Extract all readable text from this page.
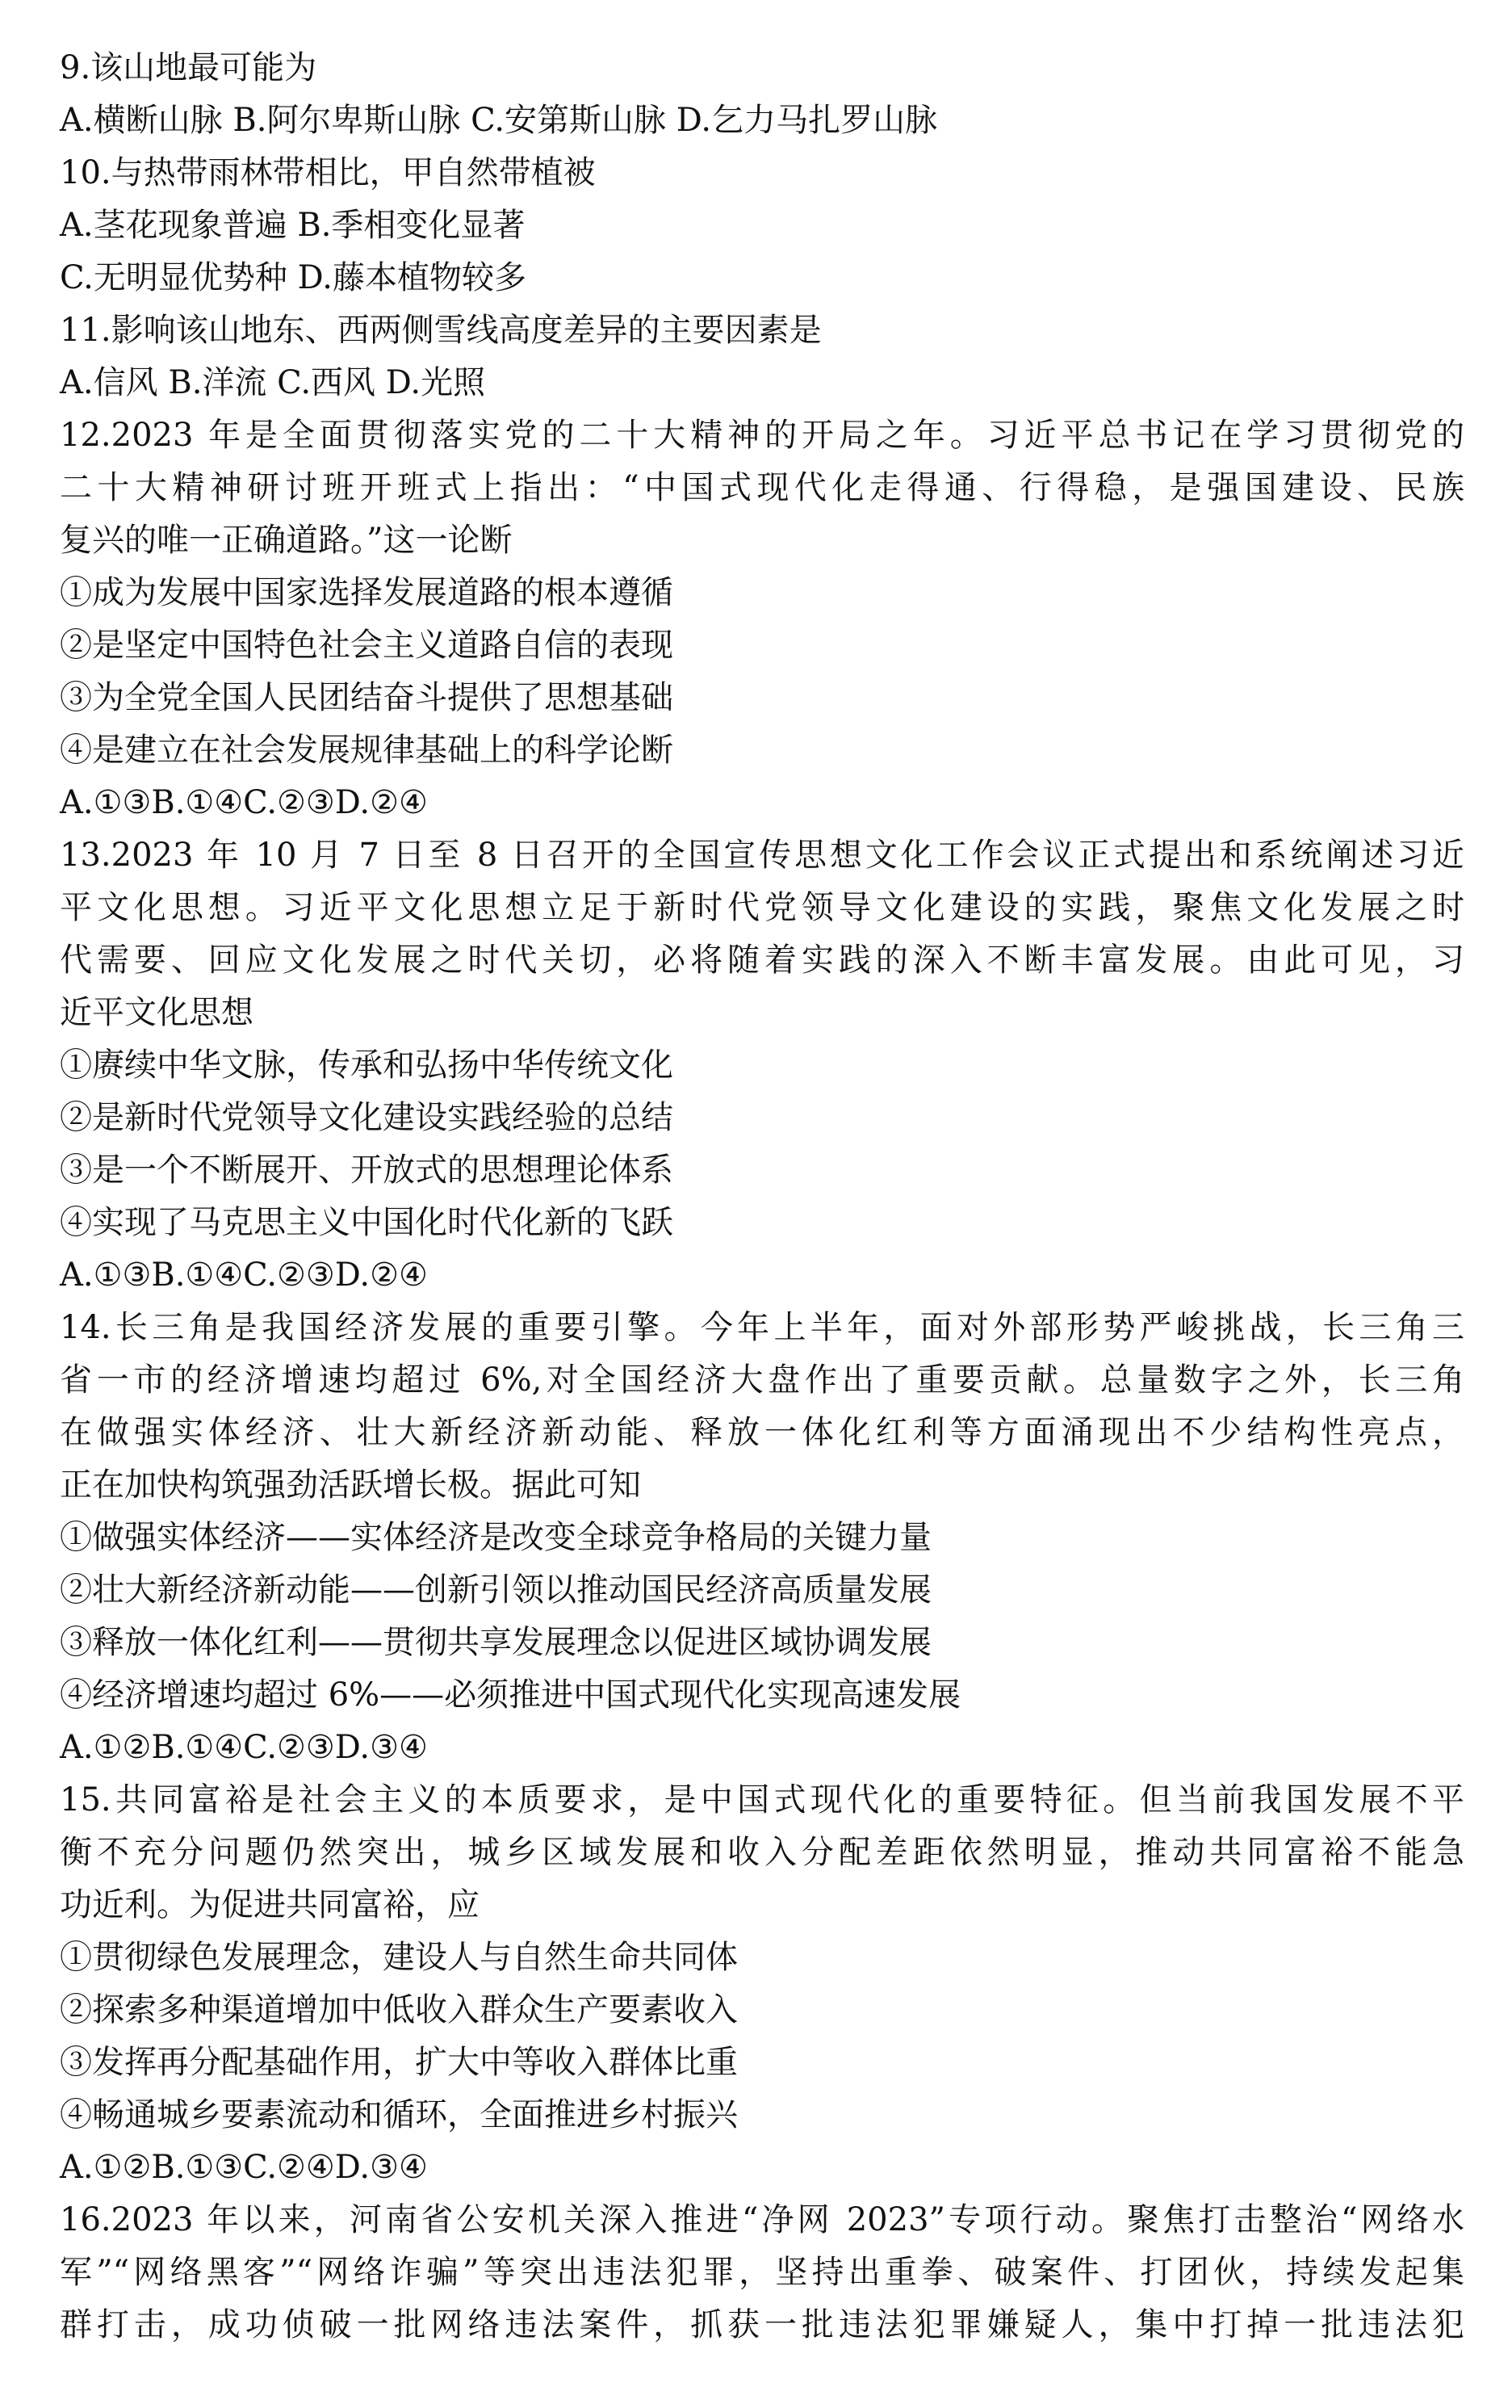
9.该山地最可能为
A.横断山脉 B.阿尔卑斯山脉 C.安第斯山脉 D.乞力马扎罗山脉
10.与热带雨林带相比，甲自然带植被
A.茎花现象普遍 B.季相变化显著
C.无明显优势种 D.藤本植物较多
11.影响该山地东、西两侧雪线高度差异的主要因素是
A.信风 B.洋流 C.西风 D.光照
12.2023 年是全面贯彻落实党的二十大精神的开局之年。习近平总书记在学习贯彻党的
二十大精神研讨班开班式上指出：“中国式现代化走得通、行得稳，是强国建设、民族
复兴的唯一正确道路。”这一论断
①成为发展中国家选择发展道路的根本遵循
②是坚定中国特色社会主义道路自信的表现
③为全党全国人民团结奋斗提供了思想基础
④是建立在社会发展规律基础上的科学论断
A.①③B.①④C.②③D.②④
13.2023 年 10 月 7 日至 8 日召开的全国宣传思想文化工作会议正式提出和系统阐述习近
平文化思想。习近平文化思想立足于新时代党领导文化建设的实践，聚焦文化发展之时
代需要、回应文化发展之时代关切，必将随着实践的深入不断丰富发展。由此可见，习
近平文化思想
①赓续中华文脉，传承和弘扬中华传统文化
②是新时代党领导文化建设实践经验的总结
③是一个不断展开、开放式的思想理论体系
④实现了马克思主义中国化时代化新的飞跃
A.①③B.①④C.②③D.②④
14.长三角是我国经济发展的重要引擎。今年上半年，面对外部形势严峻挑战，长三角三
省一市的经济增速均超过 6%,对全国经济大盘作出了重要贡献。总量数字之外，长三角
在做强实体经济、壮大新经济新动能、释放一体化红利等方面涌现出不少结构性亮点，
正在加快构筑强劲活跃增长极。据此可知
①做强实体经济——实体经济是改变全球竞争格局的关键力量
②壮大新经济新动能——创新引领以推动国民经济高质量发展
③释放一体化红利——贯彻共享发展理念以促进区域协调发展
④经济增速均超过 6%——必须推进中国式现代化实现高速发展
A.①②B.①④C.②③D.③④
15.共同富裕是社会主义的本质要求，是中国式现代化的重要特征。但当前我国发展不平
衡不充分问题仍然突出，城乡区域发展和收入分配差距依然明显，推动共同富裕不能急
功近利。为促进共同富裕，应
①贯彻绿色发展理念，建设人与自然生命共同体
②探索多种渠道增加中低收入群众生产要素收入
③发挥再分配基础作用，扩大中等收入群体比重
④畅通城乡要素流动和循环，全面推进乡村振兴
A.①②B.①③C.②④D.③④
16.2023 年以来，河南省公安机关深入推进“净网 2023”专项行动。聚焦打击整治“网络水
军”“网络黑客”“网络诈骗”等突出违法犯罪，坚持出重拳、破案件、打团伙，持续发起集
群打击，成功侦破一批网络违法案件，抓获一批违法犯罪嫌疑人，集中打掉一批违法犯
